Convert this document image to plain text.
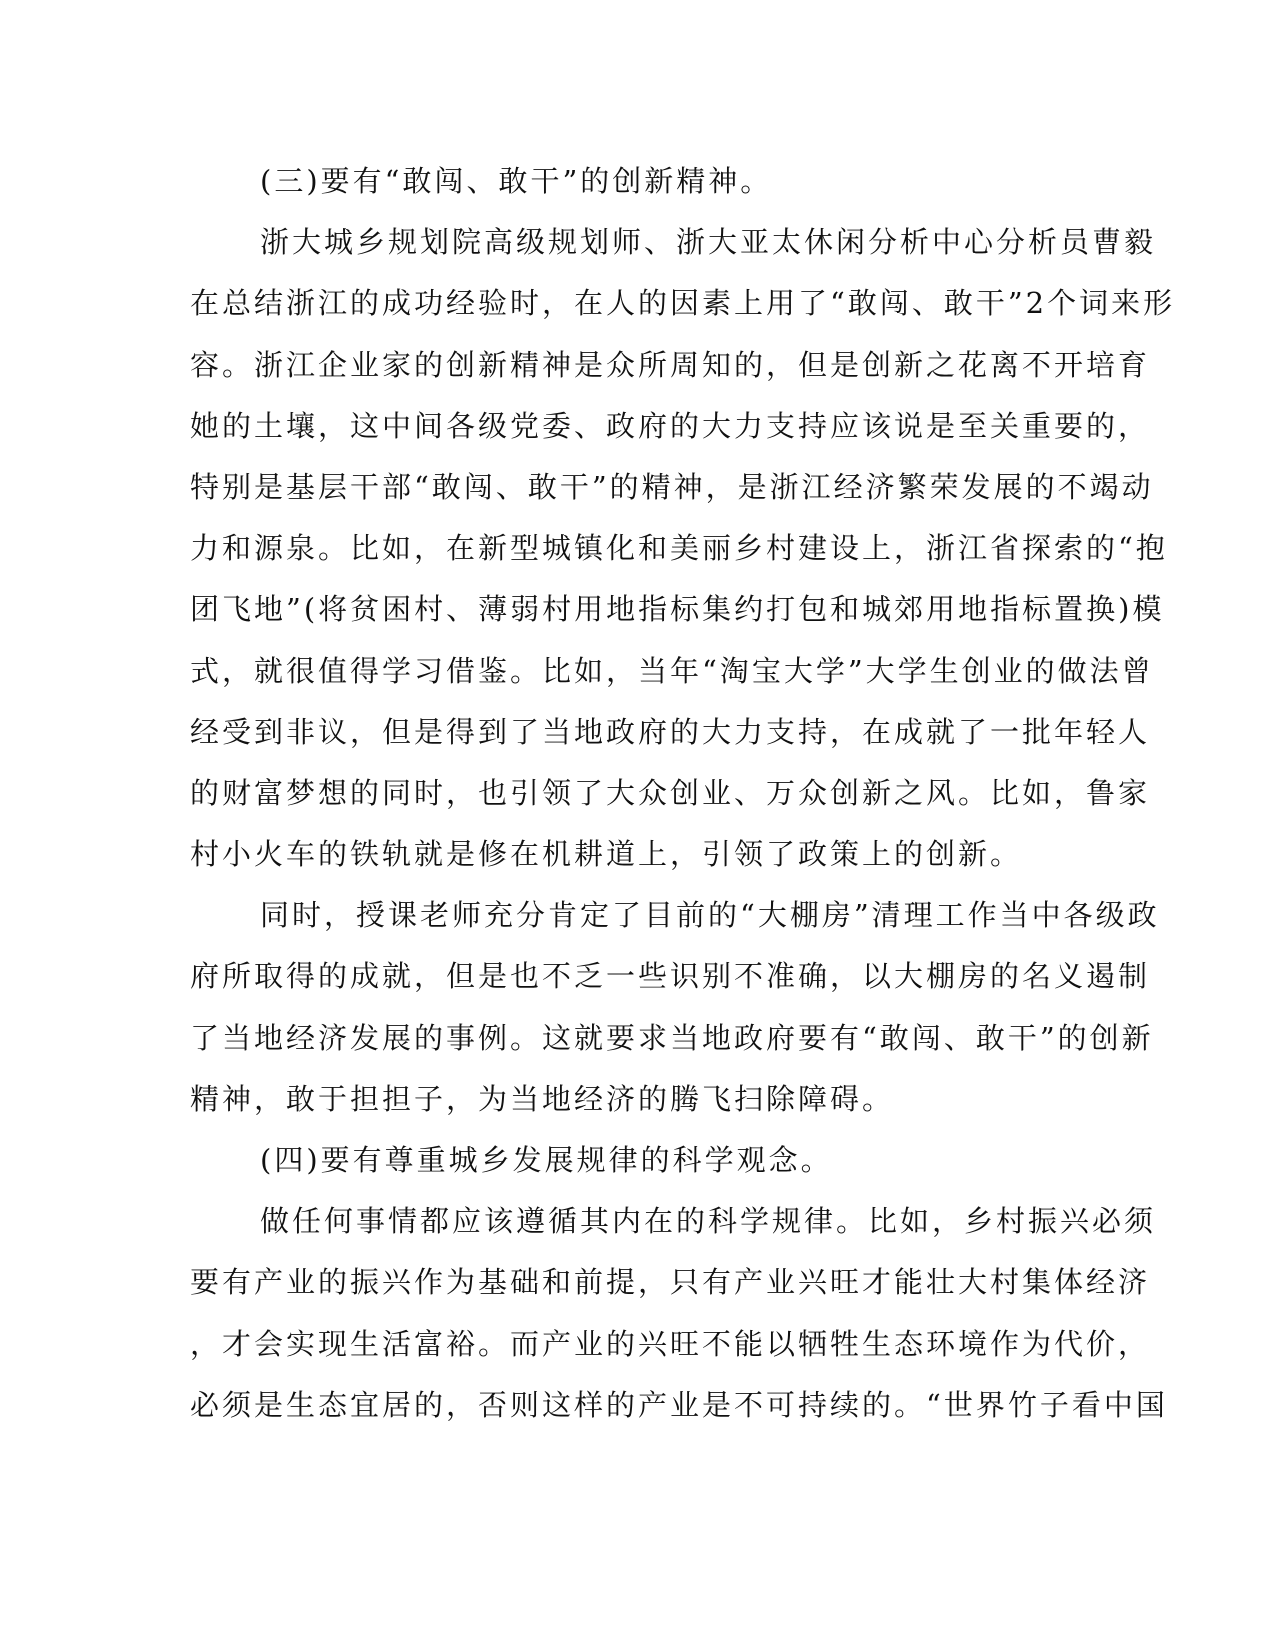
(三)要有“敢闯、敢干”的创新精神。
浙大城乡规划院高级规划师、浙大亚太休闲分析中心分析员曹毅
在总结浙江的成功经验时，在人的因素上用了“敢闯、敢干”2个词来形
容。浙江企业家的创新精神是众所周知的，但是创新之花离不开培育
她的土壤，这中间各级党委、政府的大力支持应该说是至关重要的，
特别是基层干部“敢闯、敢干”的精神，是浙江经济繁荣发展的不竭动
力和源泉。比如，在新型城镇化和美丽乡村建设上，浙江省探索的“抱
团飞地”(将贫困村、薄弱村用地指标集约打包和城郊用地指标置换)模
式，就很值得学习借鉴。比如，当年“淘宝大学”大学生创业的做法曾
经受到非议，但是得到了当地政府的大力支持，在成就了一批年轻人
的财富梦想的同时，也引领了大众创业、万众创新之风。比如，鲁家
村小火车的铁轨就是修在机耕道上，引领了政策上的创新。
同时，授课老师充分肯定了目前的“大棚房”清理工作当中各级政
府所取得的成就，但是也不乏一些识别不准确，以大棚房的名义遏制
了当地经济发展的事例。这就要求当地政府要有“敢闯、敢干”的创新
精神，敢于担担子，为当地经济的腾飞扫除障碍。
(四)要有尊重城乡发展规律的科学观念。
做任何事情都应该遵循其内在的科学规律。比如，乡村振兴必须
要有产业的振兴作为基础和前提，只有产业兴旺才能壮大村集体经济
，才会实现生活富裕。而产业的兴旺不能以牺牲生态环境作为代价，
必须是生态宜居的，否则这样的产业是不可持续的。“世界竹子看中国
